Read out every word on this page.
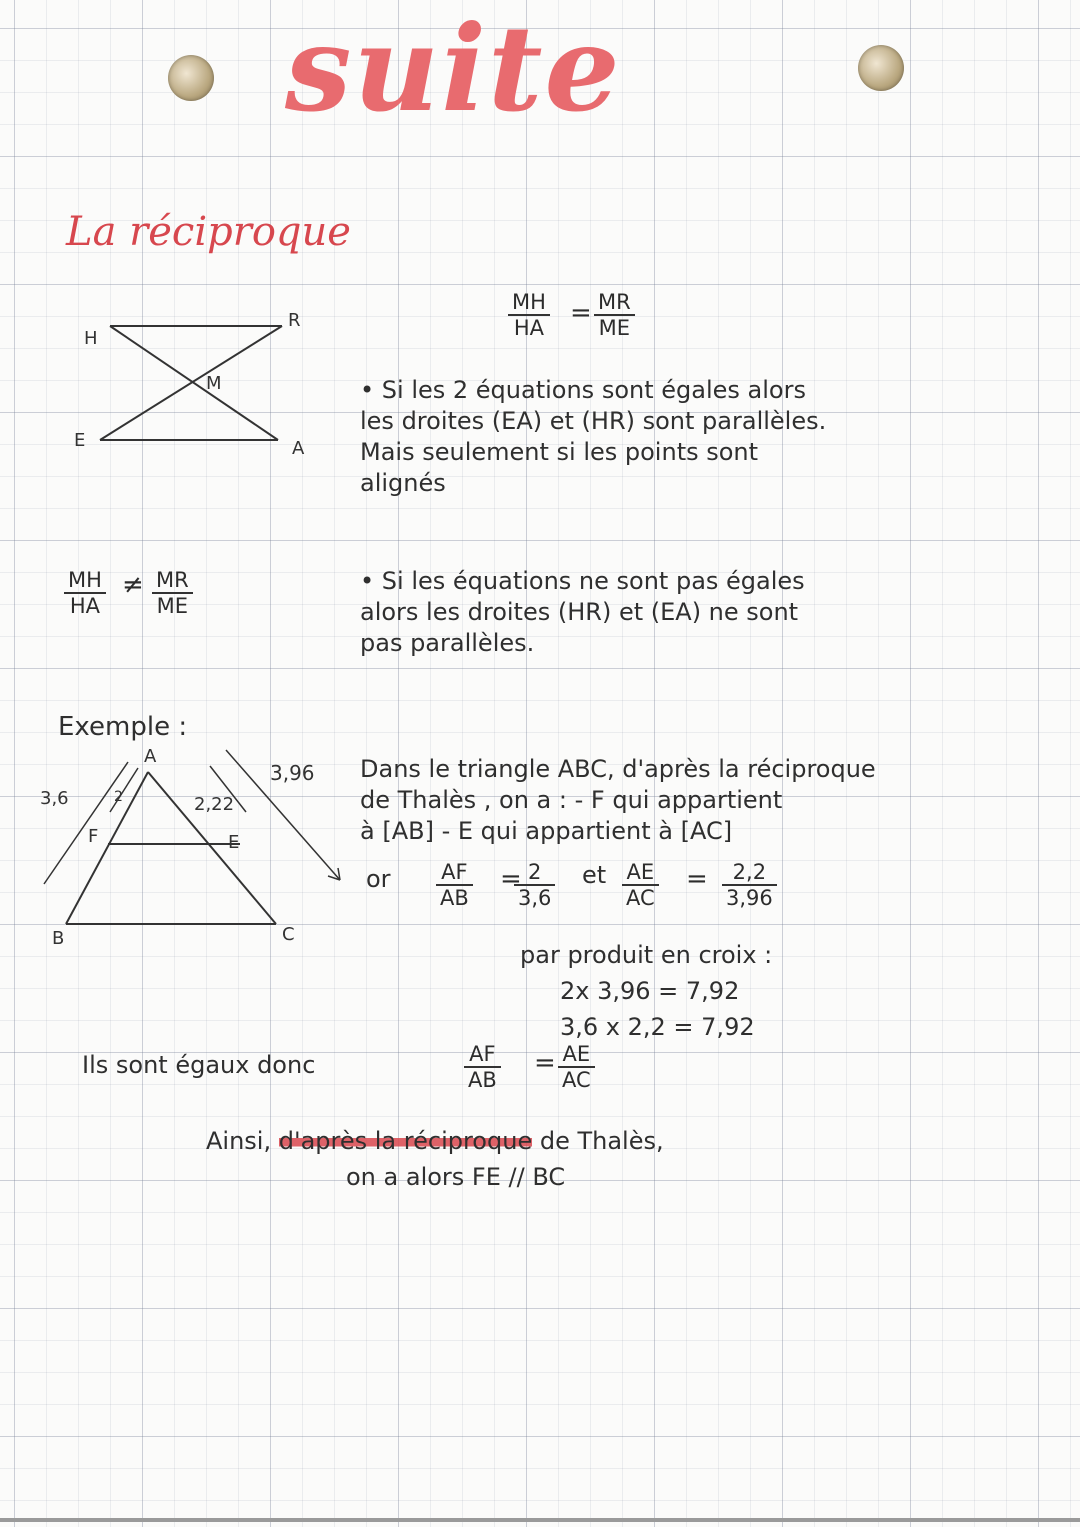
suite
La réciproque
H
R
M
E	A
$\frac{MH}{HA} = \frac{MR}{ME}$
• Si les 2 équations sont égales alors
les droites (EA) et (HR) sont parallèles.
Mais seulement si les points sont
alignés
$\frac{MH}{HA} \ne \frac{MR}{ME}$	• Si les équations ne sont pas égales
alors les droites (HR) et (EA) ne sont
pas parallèles.
Exemple :
A
F	E
B	C
3,6	2	2,22
3,96 Dans le triangle ABC, d'après la réciproque
de Thalès , on a : - F qui appartient
à [AB] - E qui appartient à [AC]
or $\frac{AF}{AB}$ =
$\frac{2}{3,6}$ et $\frac{AE}{AC} = \frac{2,2}{3,96}$
par produit en croix :
2x 3,96 = 7,92
3,6 x 2,2 = 7,92
Ils sont égaux donc	$\frac{AF}{AB} = \frac{AE}{AC}$
Ainsi, d'après la réciproque de Thalès,
on a alors FE // BC
